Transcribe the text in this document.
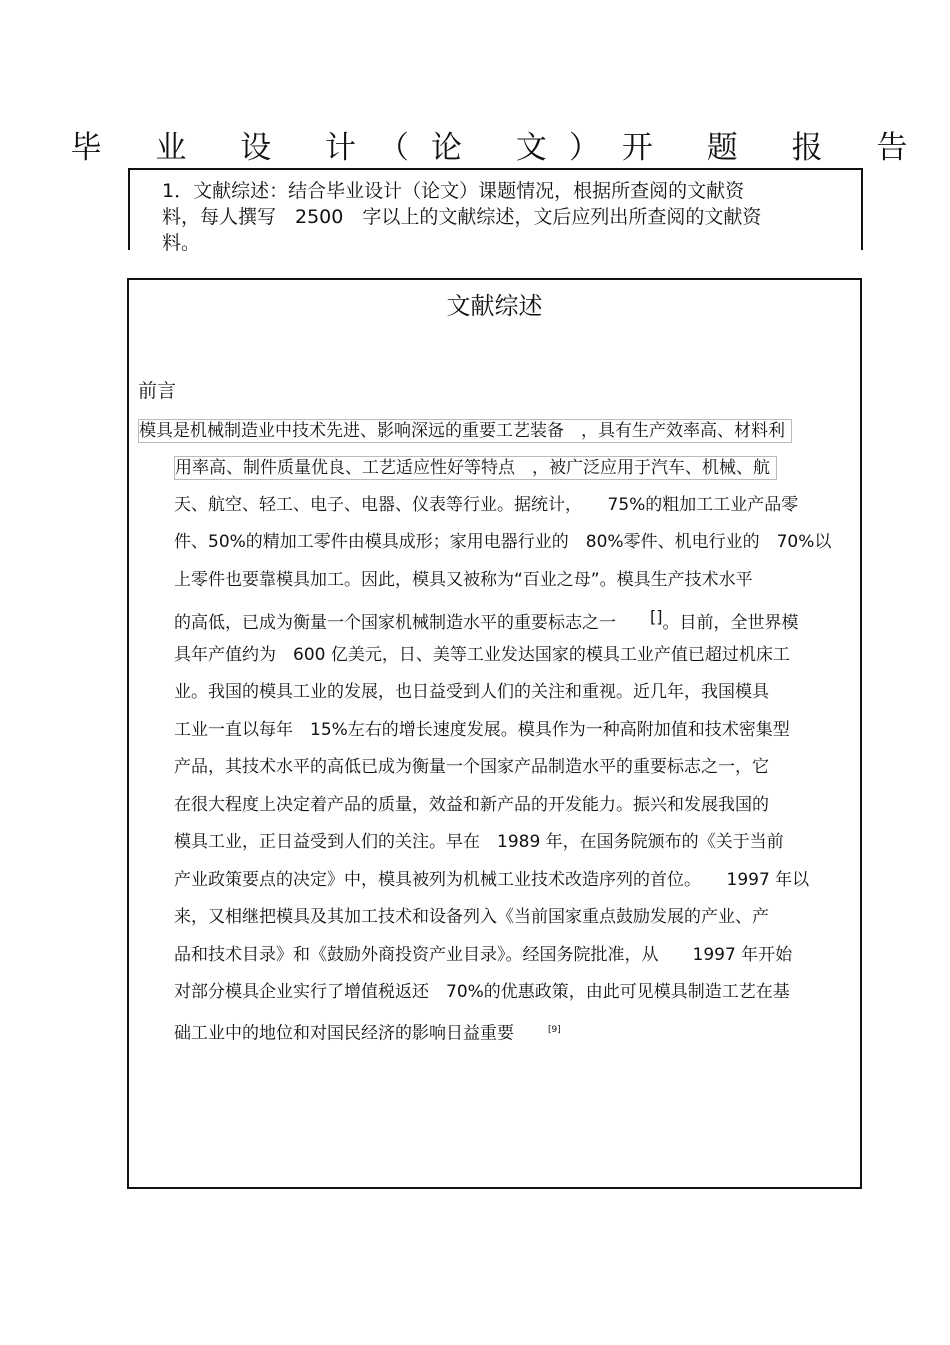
毕 业 设 计（论 文）开 题 报 告
1．文献综述：结合毕业设计（论文）课题情况，根据所查阅的文献资
料，每人撰写　2500　字以上的文献综述，文后应列出所查阅的文献资
料。
文献综述
前言
模具是机械制造业中技术先进、影响深远的重要工艺装备　，具有生产效率高、材料利
用率高、制件质量优良、工艺适应性好等特点　，被广泛应用于汽车、机械、航
天、航空、轻工、电子、电器、仪表等行业。据统计，　　75%的粗加工工业产品零
件、50%的精加工零件由模具成形；家用电器行业的　80%零件、机电行业的　70%以
上零件也要靠模具加工。因此，模具又被称为“百业之母”。模具生产技术水平
的高低，已成为衡量一个国家机械制造水平的重要标志之一　　[]。目前，全世界模
具年产值约为　600 亿美元，日、美等工业发达国家的模具工业产值已超过机床工
业。我国的模具工业的发展，也日益受到人们的关注和重视。近几年，我国模具
工业一直以每年　15%左右的增长速度发展。模具作为一种高附加值和技术密集型
产品，其技术水平的高低已成为衡量一个国家产品制造水平的重要标志之一，它
在很大程度上决定着产品的质量，效益和新产品的开发能力。振兴和发展我国的
模具工业，正日益受到人们的关注。早在　1989 年，在国务院颁布的《关于当前
产业政策要点的决定》中，模具被列为机械工业技术改造序列的首位。　　1997 年以
来，又相继把模具及其加工技术和设备列入《当前国家重点鼓励发展的产业、产
品和技术目录》和《鼓励外商投资产业目录》。经国务院批准，从　　1997 年开始
对部分模具企业实行了增值税返还　70%的优惠政策，由此可见模具制造工艺在基
础工业中的地位和对国民经济的影响日益重要　　	[9]
